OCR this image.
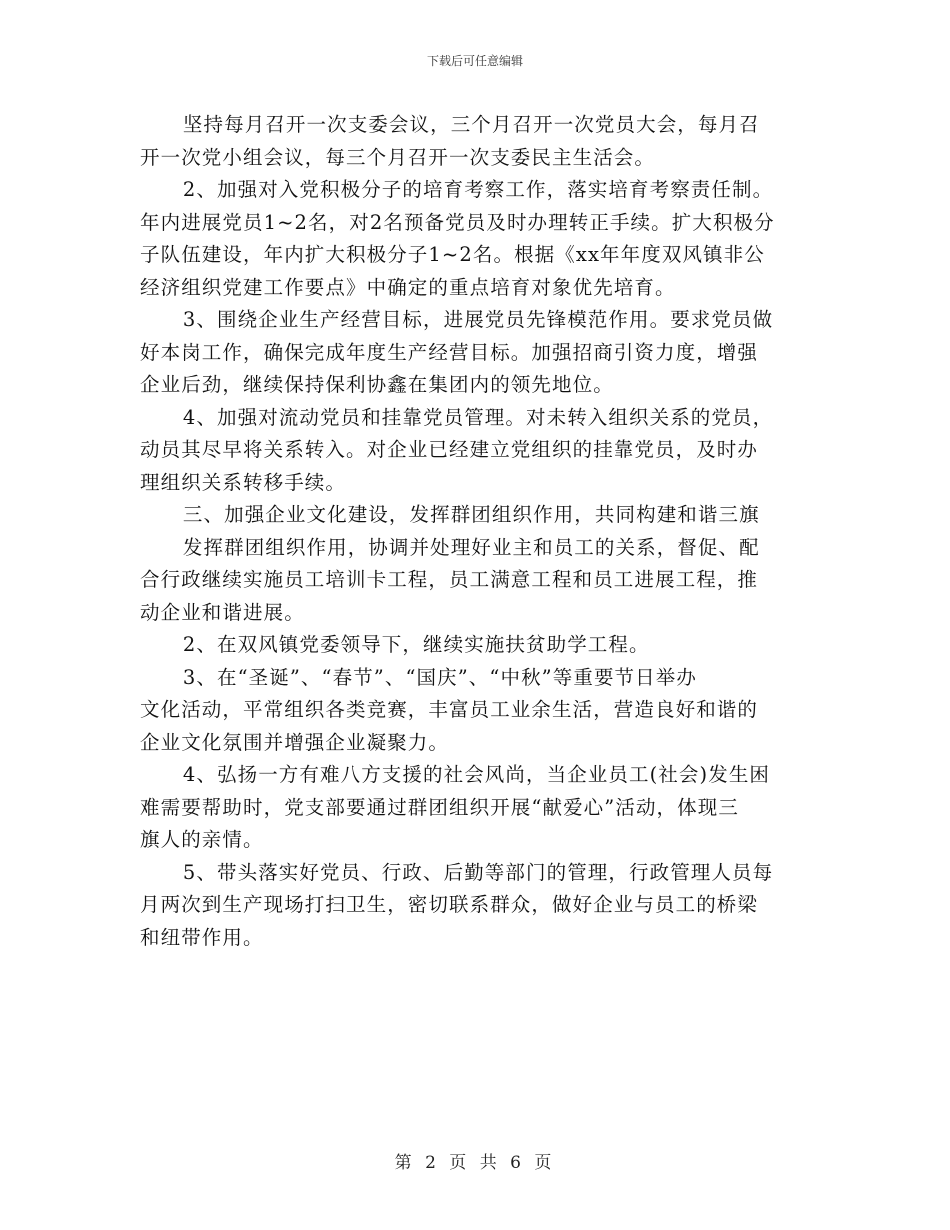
下载后可任意编辑

坚持每月召开一次支委会议，三个月召开一次党员大会，每月召
开一次党小组会议，每三个月召开一次支委民主生活会。

2、加强对入党积极分子的培育考察工作，落实培育考察责任制。
年内进展党员1~2名，对2名预备党员及时办理转正手续。扩大积极分
子队伍建设，年内扩大积极分子1~2名。根据《xx年年度双风镇非公
经济组织党建工作要点》中确定的重点培育对象优先培育。

3、围绕企业生产经营目标，进展党员先锋模范作用。要求党员做
好本岗工作，确保完成年度生产经营目标。加强招商引资力度，增强
企业后劲，继续保持保利协鑫在集团内的领先地位。

4、加强对流动党员和挂靠党员管理。对未转入组织关系的党员，
动员其尽早将关系转入。对企业已经建立党组织的挂靠党员，及时办
理组织关系转移手续。

三、加强企业文化建设，发挥群团组织作用，共同构建和谐三旗

发挥群团组织作用，协调并处理好业主和员工的关系，督促、配
合行政继续实施员工培训卡工程，员工满意工程和员工进展工程，推
动企业和谐进展。

2、在双风镇党委领导下，继续实施扶贫助学工程。

3、在“圣诞”、“春节”、“国庆”、“中秋”等重要节日举办
文化活动，平常组织各类竞赛，丰富员工业余生活，营造良好和谐的
企业文化氛围并增强企业凝聚力。

4、弘扬一方有难八方支援的社会风尚，当企业员工(社会)发生困
难需要帮助时，党支部要通过群团组织开展“献爱心”活动，体现三
旗人的亲情。

5、带头落实好党员、行政、后勤等部门的管理，行政管理人员每
月两次到生产现场打扫卫生，密切联系群众，做好企业与员工的桥梁
和纽带作用。

第 2 页 共 6 页
